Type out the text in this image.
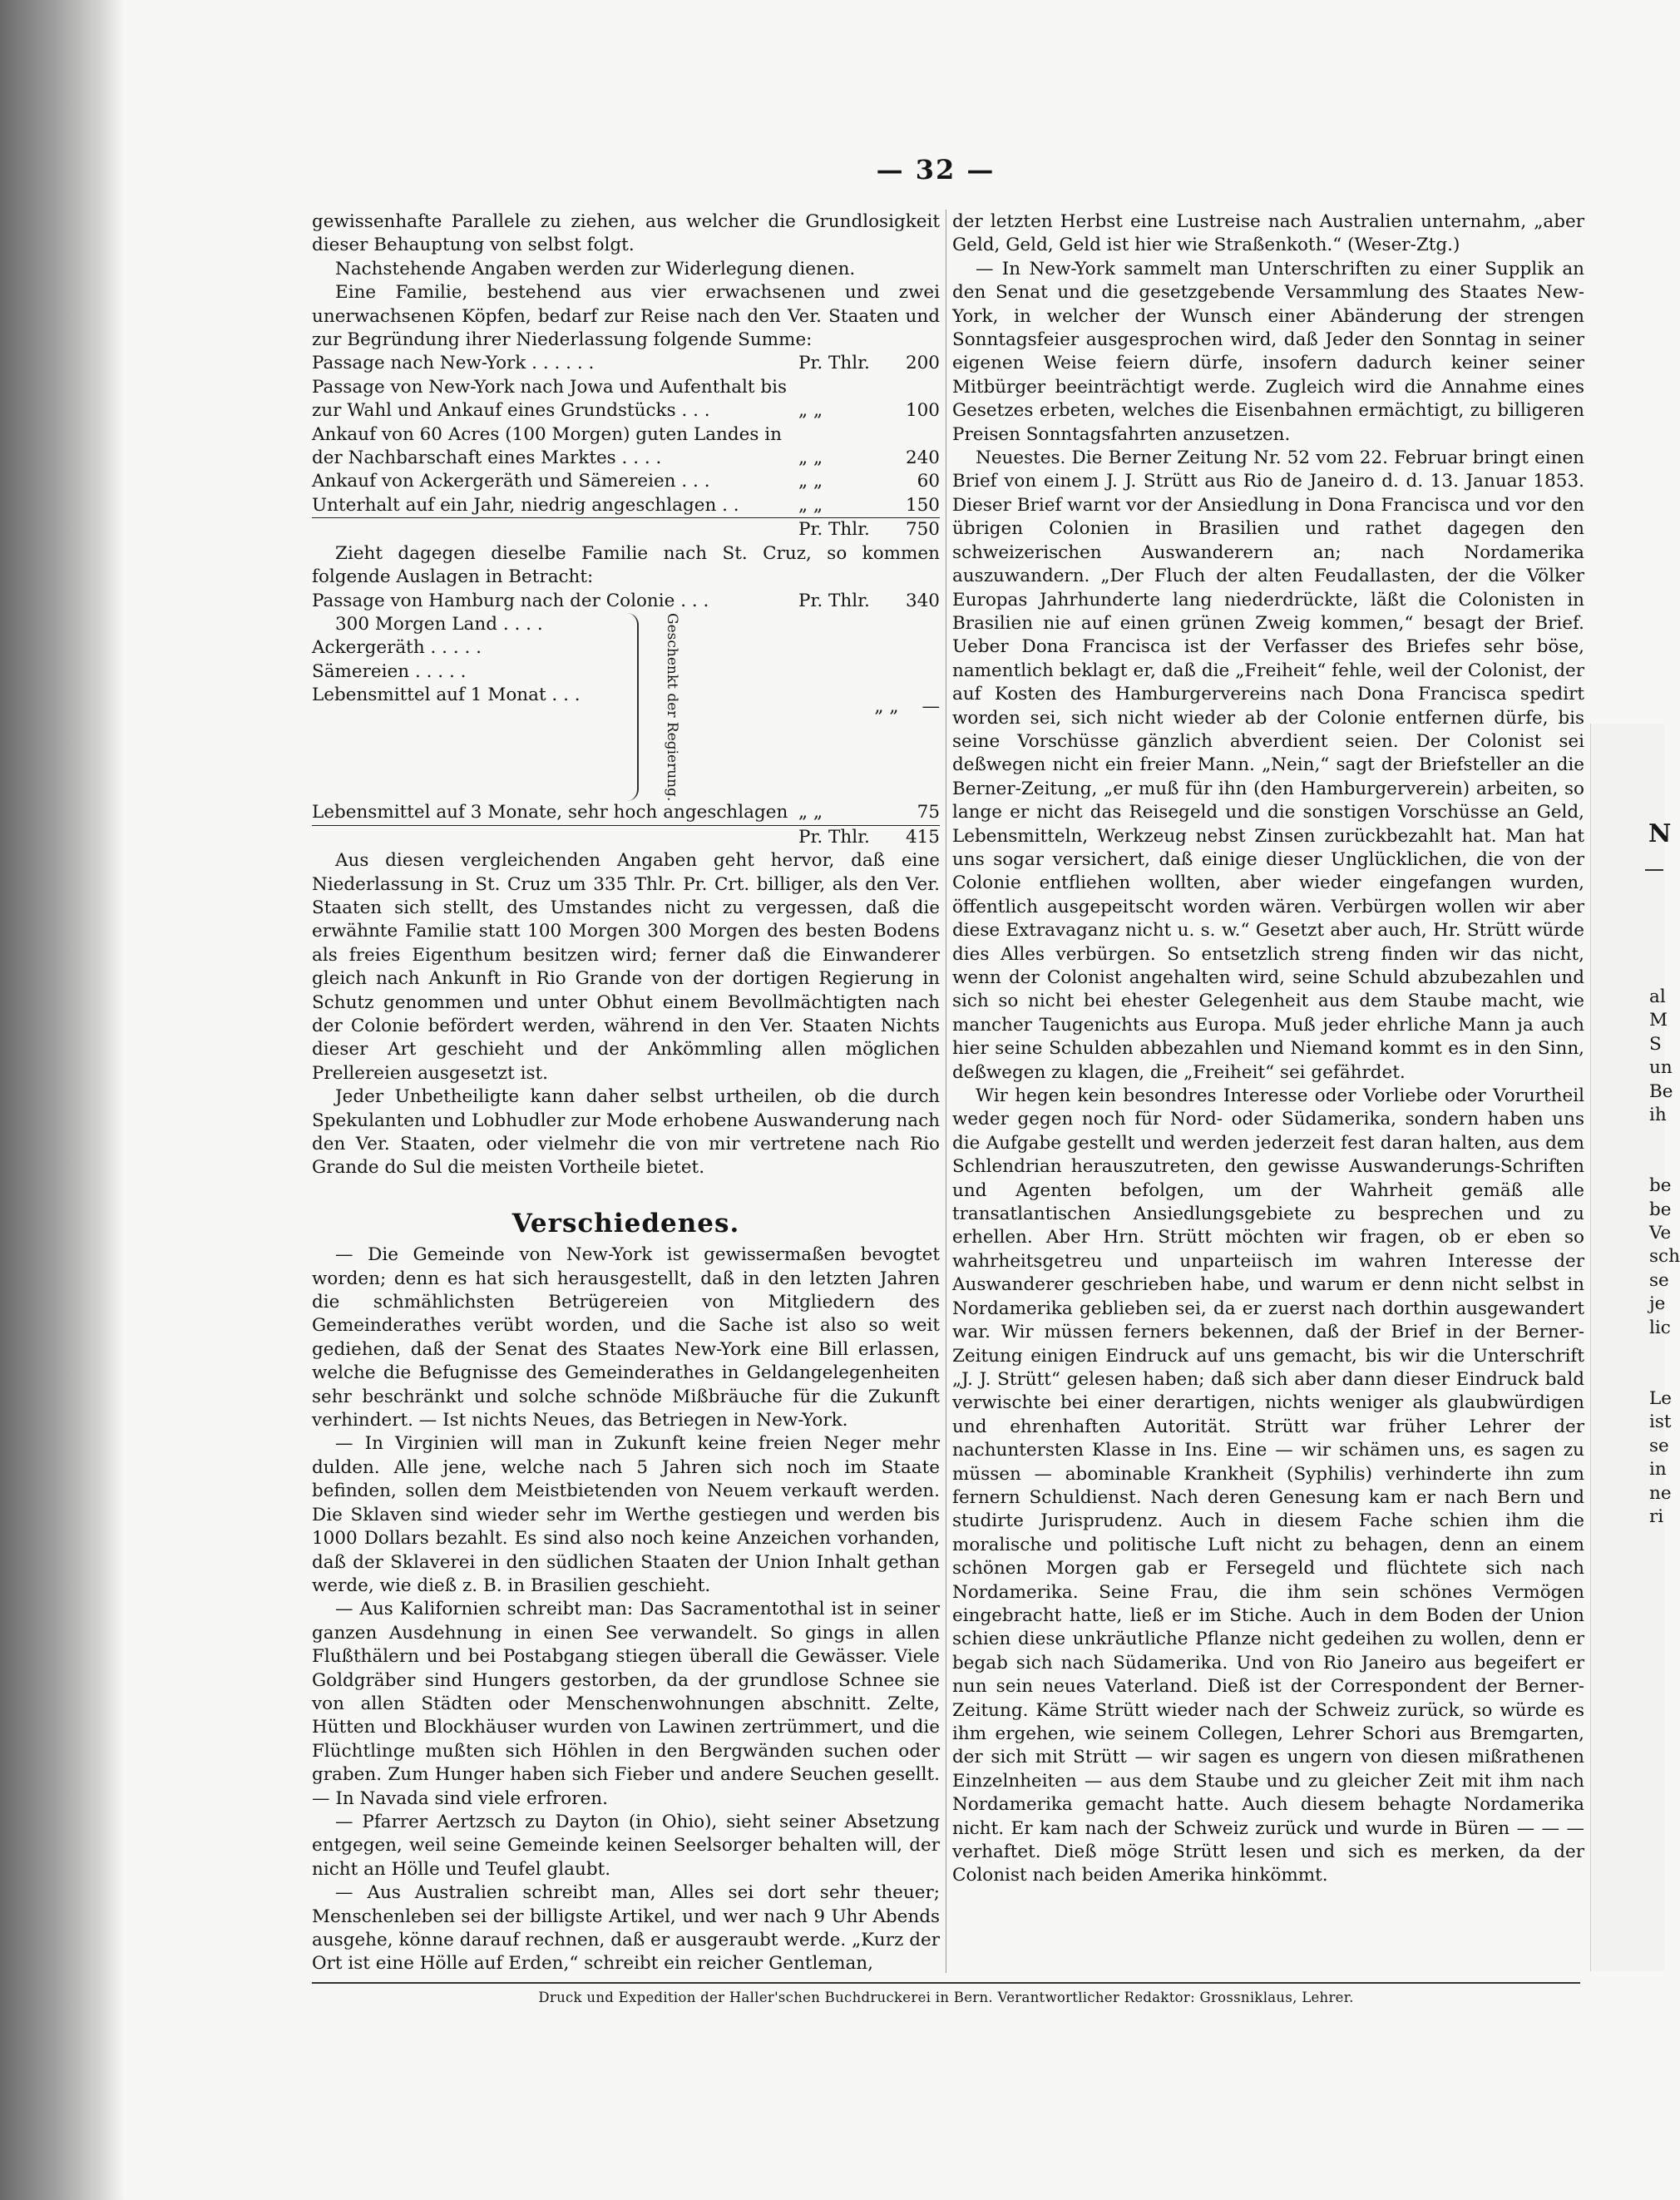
— 32 —

gewissenhafte Parallele zu ziehen, aus welcher die Grundlosigkeit dieser Behauptung von selbst folgt.

Nachstehende Angaben werden zur Widerlegung dienen.

Eine Familie, bestehend aus vier erwachsenen und zwei unerwachsenen Köpfen, bedarf zur Reise nach den Ver. Staaten und zur Begründung ihrer Niederlassung folgende Summe:

Passage nach New-York . . . . . .	Pr. Thlr.	200
Passage von New-York nach Jowa und Aufenthalt bis		
zur Wahl und Ankauf eines Grundstücks . . .	„ „	100
Ankauf von 60 Acres (100 Morgen) guten Landes in		
der Nachbarschaft eines Marktes . . . .	„ „	240
Ankauf von Ackergeräth und Sämereien . . .	„ „	60
Unterhalt auf ein Jahr, niedrig angeschlagen . .	„ „	150
	Pr. Thlr.	750

Zieht dagegen dieselbe Familie nach St. Cruz, so kommen folgende Auslagen in Betracht:

Passage von Hamburg nach der Colonie . . .	Pr. Thlr.	340
300 Morgen Land . . . .
Ackergeräth . . . . .
Sämereien . . . . .
Lebensmittel auf 1 Monat . . .	Geschenkt der Regierung.	„ „ —
Lebensmittel auf 3 Monate, sehr hoch angeschlagen	„ „	75
	Pr. Thlr.	415

Aus diesen vergleichenden Angaben geht hervor, daß eine Niederlassung in St. Cruz um 335 Thlr. Pr. Crt. billiger, als den Ver. Staaten sich stellt, des Umstandes nicht zu vergessen, daß die erwähnte Familie statt 100 Morgen 300 Morgen des besten Bodens als freies Eigenthum besitzen wird; ferner daß die Einwanderer gleich nach Ankunft in Rio Grande von der dortigen Regierung in Schutz genommen und unter Obhut einem Bevollmächtigten nach der Colonie befördert werden, während in den Ver. Staaten Nichts dieser Art geschieht und der Ankömmling allen möglichen Prellereien ausgesetzt ist.

Jeder Unbetheiligte kann daher selbst urtheilen, ob die durch Spekulanten und Lobhudler zur Mode erhobene Auswanderung nach den Ver. Staaten, oder vielmehr die von mir vertretene nach Rio Grande do Sul die meisten Vortheile bietet.

Verschiedenes.

— Die Gemeinde von New-York ist gewissermaßen bevogtet worden; denn es hat sich herausgestellt, daß in den letzten Jahren die schmählichsten Betrügereien von Mitgliedern des Gemeinderathes verübt worden, und die Sache ist also so weit gediehen, daß der Senat des Staates New-York eine Bill erlassen, welche die Befugnisse des Gemeinderathes in Geldangelegenheiten sehr beschränkt und solche schnöde Mißbräuche für die Zukunft verhindert. — Ist nichts Neues, das Betriegen in New-York.

— In Virginien will man in Zukunft keine freien Neger mehr dulden. Alle jene, welche nach 5 Jahren sich noch im Staate befinden, sollen dem Meistbietenden von Neuem verkauft werden. Die Sklaven sind wieder sehr im Werthe gestiegen und werden bis 1000 Dollars bezahlt. Es sind also noch keine Anzeichen vorhanden, daß der Sklaverei in den südlichen Staaten der Union Inhalt gethan werde, wie dieß z. B. in Brasilien geschieht.

— Aus Kalifornien schreibt man: Das Sacramentothal ist in seiner ganzen Ausdehnung in einen See verwandelt. So gings in allen Flußthälern und bei Postabgang stiegen überall die Gewässer. Viele Goldgräber sind Hungers gestorben, da der grundlose Schnee sie von allen Städten oder Menschenwohnungen abschnitt. Zelte, Hütten und Blockhäuser wurden von Lawinen zertrümmert, und die Flüchtlinge mußten sich Höhlen in den Bergwänden suchen oder graben. Zum Hunger haben sich Fieber und andere Seuchen gesellt. — In Navada sind viele erfroren.

— Pfarrer Aertzsch zu Dayton (in Ohio), sieht seiner Absetzung entgegen, weil seine Gemeinde keinen Seelsorger behalten will, der nicht an Hölle und Teufel glaubt.

— Aus Australien schreibt man, Alles sei dort sehr theuer; Menschenleben sei der billigste Artikel, und wer nach 9 Uhr Abends ausgehe, könne darauf rechnen, daß er ausgeraubt werde. „Kurz der Ort ist eine Hölle auf Erden,“ schreibt ein reicher Gentleman,

der letzten Herbst eine Lustreise nach Australien unternahm, „aber Geld, Geld, Geld ist hier wie Straßenkoth.“ (Weser-Ztg.)

— In New-York sammelt man Unterschriften zu einer Supplik an den Senat und die gesetzgebende Versammlung des Staates New-York, in welcher der Wunsch einer Abänderung der strengen Sonntagsfeier ausgesprochen wird, daß Jeder den Sonntag in seiner eigenen Weise feiern dürfe, insofern dadurch keiner seiner Mitbürger beeinträchtigt werde. Zugleich wird die Annahme eines Gesetzes erbeten, welches die Eisenbahnen ermächtigt, zu billigeren Preisen Sonntagsfahrten anzusetzen.

Neuestes. Die Berner Zeitung Nr. 52 vom 22. Februar bringt einen Brief von einem J. J. Strütt aus Rio de Janeiro d. d. 13. Januar 1853. Dieser Brief warnt vor der Ansiedlung in Dona Francisca und vor den übrigen Colonien in Brasilien und rathet dagegen den schweizerischen Auswanderern an; nach Nordamerika auszuwandern. „Der Fluch der alten Feudallasten, der die Völker Europas Jahrhunderte lang niederdrückte, läßt die Colonisten in Brasilien nie auf einen grünen Zweig kommen,“ besagt der Brief. Ueber Dona Francisca ist der Verfasser des Briefes sehr böse, namentlich beklagt er, daß die „Freiheit“ fehle, weil der Colonist, der auf Kosten des Hamburgervereins nach Dona Francisca spedirt worden sei, sich nicht wieder ab der Colonie entfernen dürfe, bis seine Vorschüsse gänzlich abverdient seien. Der Colonist sei deßwegen nicht ein freier Mann. „Nein,“ sagt der Briefsteller an die Berner-Zeitung, „er muß für ihn (den Hamburgerverein) arbeiten, so lange er nicht das Reisegeld und die sonstigen Vorschüsse an Geld, Lebensmitteln, Werkzeug nebst Zinsen zurückbezahlt hat. Man hat uns sogar versichert, daß einige dieser Unglücklichen, die von der Colonie entfliehen wollten, aber wieder eingefangen wurden, öffentlich ausgepeitscht worden wären. Verbürgen wollen wir aber diese Extravaganz nicht u. s. w.“ Gesetzt aber auch, Hr. Strütt würde dies Alles verbürgen. So entsetzlich streng finden wir das nicht, wenn der Colonist angehalten wird, seine Schuld abzubezahlen und sich so nicht bei ehester Gelegenheit aus dem Staube macht, wie mancher Taugenichts aus Europa. Muß jeder ehrliche Mann ja auch hier seine Schulden abbezahlen und Niemand kommt es in den Sinn, deßwegen zu klagen, die „Freiheit“ sei gefährdet.

Wir hegen kein besondres Interesse oder Vorliebe oder Vorurtheil weder gegen noch für Nord- oder Südamerika, sondern haben uns die Aufgabe gestellt und werden jederzeit fest daran halten, aus dem Schlendrian herauszutreten, den gewisse Auswanderungs-Schriften und Agenten befolgen, um der Wahrheit gemäß alle transatlantischen Ansiedlungsgebiete zu besprechen und zu erhellen. Aber Hrn. Strütt möchten wir fragen, ob er eben so wahrheitsgetreu und unparteiisch im wahren Interesse der Auswanderer geschrieben habe, und warum er denn nicht selbst in Nordamerika geblieben sei, da er zuerst nach dorthin ausgewandert war. Wir müssen ferners bekennen, daß der Brief in der Berner-Zeitung einigen Eindruck auf uns gemacht, bis wir die Unterschrift „J. J. Strütt“ gelesen haben; daß sich aber dann dieser Eindruck bald verwischte bei einer derartigen, nichts weniger als glaubwürdigen und ehrenhaften Autorität. Strütt war früher Lehrer der nachuntersten Klasse in Ins. Eine — wir schämen uns, es sagen zu müssen — abominable Krankheit (Syphilis) verhinderte ihn zum fernern Schuldienst. Nach deren Genesung kam er nach Bern und studirte Jurisprudenz. Auch in diesem Fache schien ihm die moralische und politische Luft nicht zu behagen, denn an einem schönen Morgen gab er Fersegeld und flüchtete sich nach Nordamerika. Seine Frau, die ihm sein schönes Vermögen eingebracht hatte, ließ er im Stiche. Auch in dem Boden der Union schien diese unkräutliche Pflanze nicht gedeihen zu wollen, denn er begab sich nach Südamerika. Und von Rio Janeiro aus begeifert er nun sein neues Vaterland. Dieß ist der Correspondent der Berner-Zeitung. Käme Strütt wieder nach der Schweiz zurück, so würde es ihm ergehen, wie seinem Collegen, Lehrer Schori aus Bremgarten, der sich mit Strütt — wir sagen es ungern von diesen mißrathenen Einzelnheiten — aus dem Staube und zu gleicher Zeit mit ihm nach Nordamerika gemacht hatte. Auch diesem behagte Nordamerika nicht. Er kam nach der Schweiz zurück und wurde in Büren — — — verhaftet. Dieß möge Strütt lesen und sich es merken, da der Colonist nach beiden Amerika hinkömmt.

Druck und Expedition der Haller'schen Buchdruckerei in Bern. Verantwortlicher Redaktor: Grossniklaus, Lehrer.
N
al
M
S
un
Be
ih

be
be
Ve
sch
se
je
lic

Le
ist
se
in
ne
ri
